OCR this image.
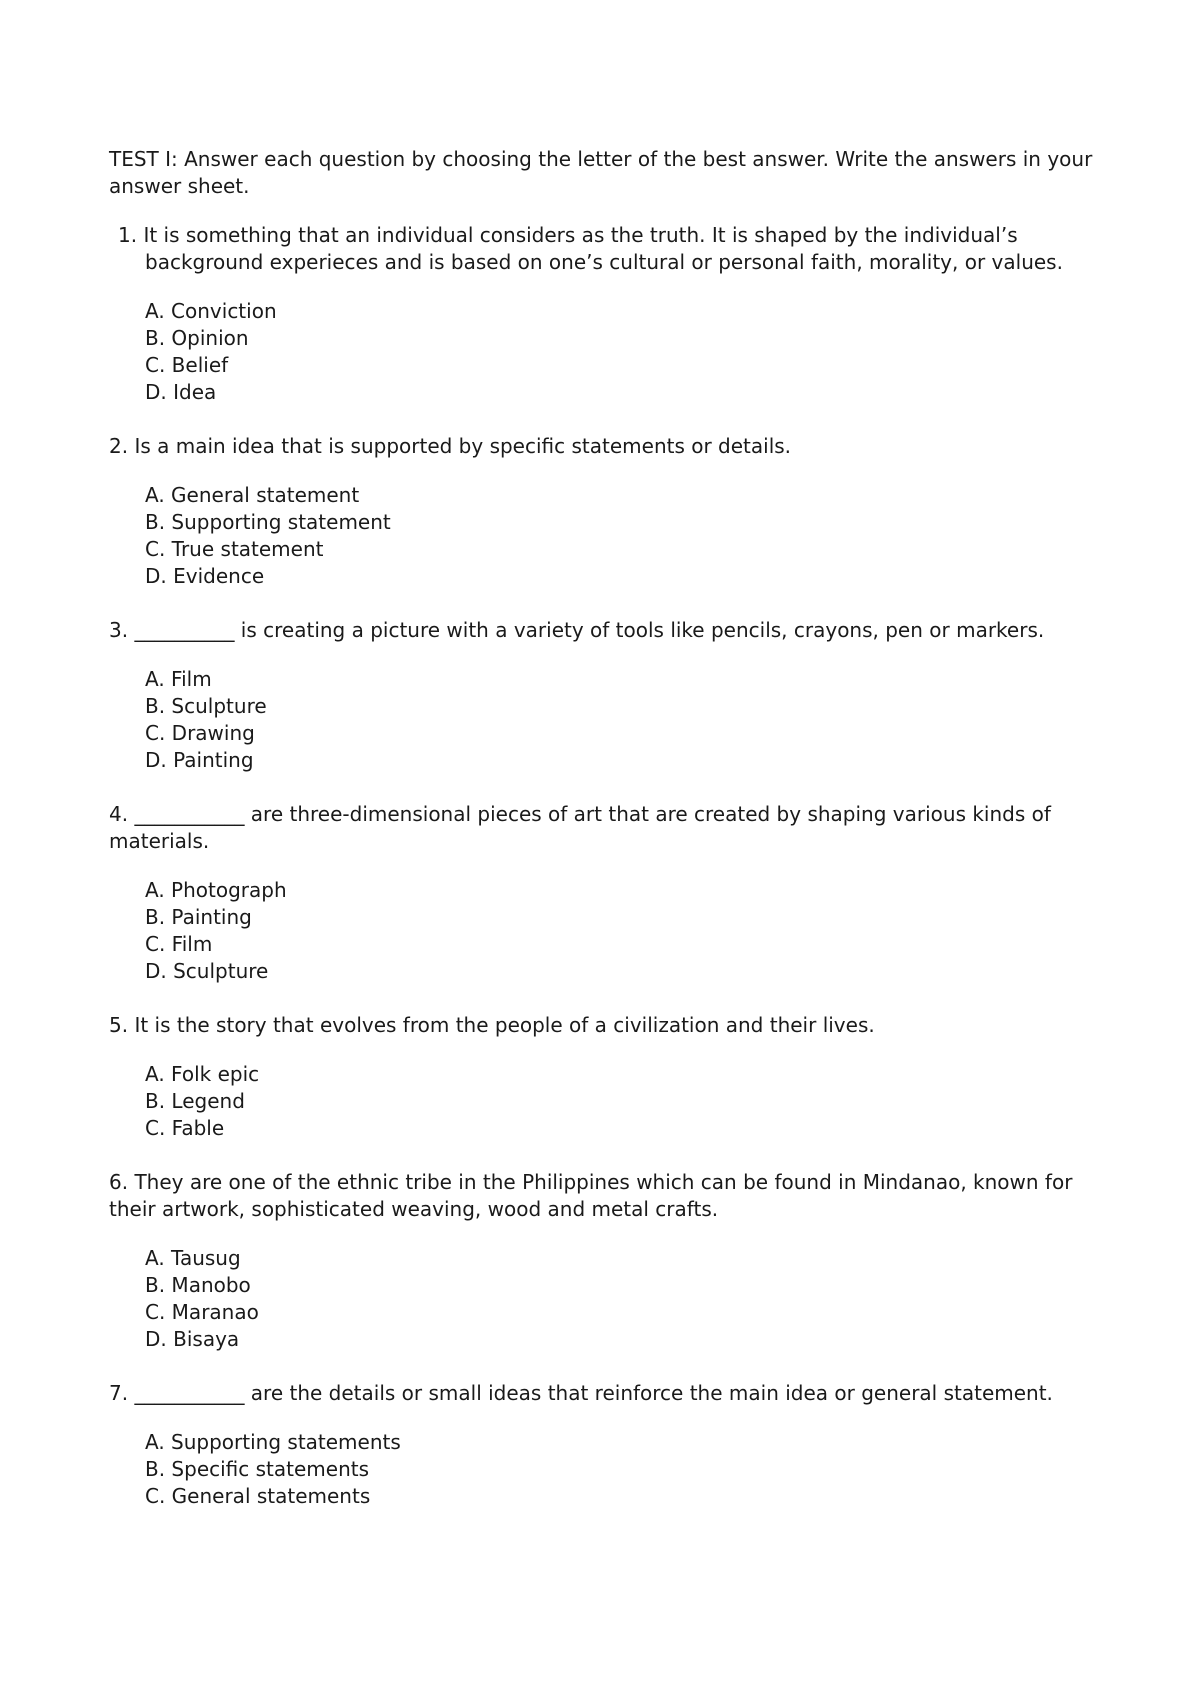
TEST I: Answer each question by choosing the letter of the best answer. Write the answers in your answer sheet.

1. It is something that an individual considers as the truth. It is shaped by the individual’s background experieces and is based on one’s cultural or personal faith, morality, or values.

A. Conviction
B. Opinion
C. Belief
D. Idea

2. Is a main idea that is supported by specific statements or details.

A. General statement
B. Supporting statement
C. True statement
D. Evidence

3. __________ is creating a picture with a variety of tools like pencils, crayons, pen or markers.

A. Film
B. Sculpture
C. Drawing
D. Painting

4. ___________ are three-dimensional pieces of art that are created by shaping various kinds of materials.

A. Photograph
B. Painting
C. Film
D. Sculpture

5. It is the story that evolves from the people of a civilization and their lives.

A. Folk epic
B. Legend
C. Fable

6. They are one of the ethnic tribe in the Philippines which can be found in Mindanao, known for their artwork, sophisticated weaving, wood and metal crafts.

A. Tausug
B. Manobo
C. Maranao
D. Bisaya

7. ___________ are the details or small ideas that reinforce the main idea or general statement.

A. Supporting statements
B. Specific statements
C. General statements
